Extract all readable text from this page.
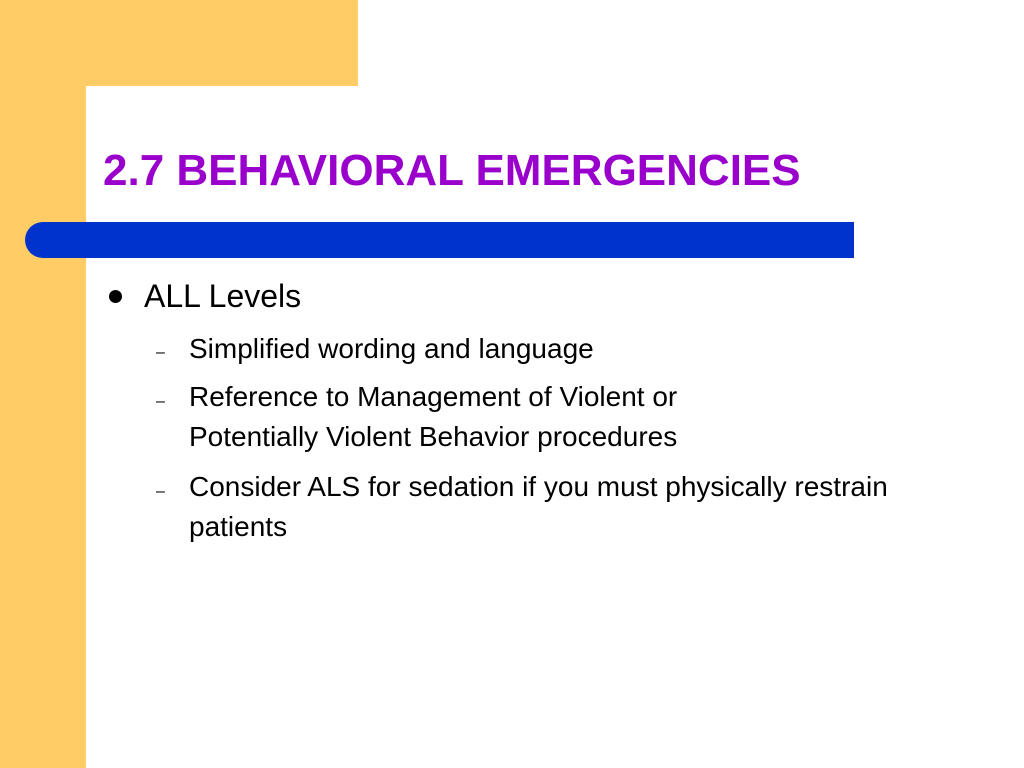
2.7 BEHAVIORAL EMERGENCIES
ALL Levels
– Simplified wording and language
– Reference to Management of Violent or Potentially Violent Behavior procedures
– Consider ALS for sedation if you must physically restrain patients
